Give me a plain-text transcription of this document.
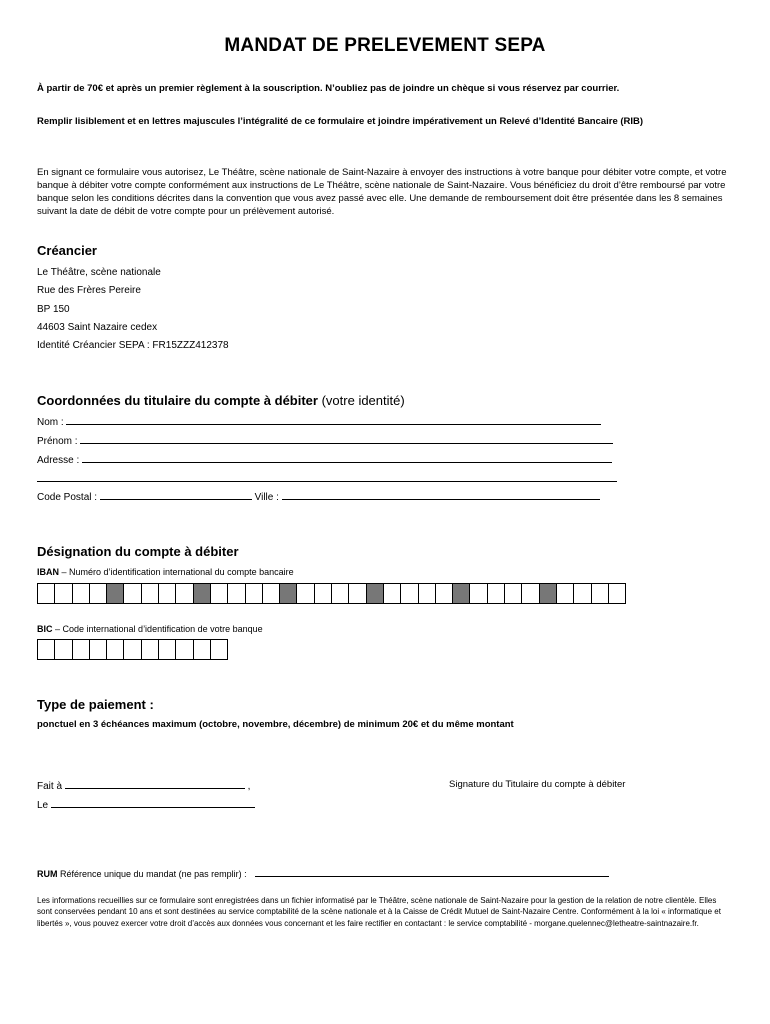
MANDAT DE PRELEVEMENT SEPA
À partir de 70€ et après un premier règlement à la souscription. N’oubliez pas de joindre un chèque si vous réservez par courrier.
Remplir lisiblement et en lettres majuscules l’intégralité de ce formulaire et joindre impérativement un Relevé d’Identité Bancaire (RIB)
En signant ce formulaire vous autorisez, Le Théâtre, scène nationale de Saint-Nazaire à envoyer des instructions à votre banque pour débiter votre compte, et votre banque à débiter votre compte conformément aux instructions de Le Théâtre, scène nationale de Saint-Nazaire. Vous bénéficiez du droit d’être remboursé par votre banque selon les conditions décrites dans la convention que vous avez passé avec elle. Une demande de remboursement doit être présentée dans les 8 semaines suivant la date de débit de votre compte pour un prélèvement autorisé.
Créancier
Le Théâtre, scène nationale
Rue des Frères Pereire
BP 150
44603 Saint Nazaire cedex
Identité Créancier SEPA : FR15ZZZ412378
Coordonnées du titulaire du compte à débiter (votre identité)
Nom :
Prénom :
Adresse :
Code Postal :	Ville :
Désignation du compte à débiter
IBAN – Numéro d’identification international du compte bancaire
BIC – Code international d’identification de votre banque
Type de paiement :
ponctuel en 3 échéances maximum (octobre, novembre, décembre) de minimum 20€ et du même montant
Fait à	,
Le
Signature du Titulaire du compte à débiter
RUM Référence unique du mandat (ne pas remplir) :
Les informations recueillies sur ce formulaire sont enregistrées dans un fichier informatisé par le Théâtre, scène nationale de Saint-Nazaire pour la gestion de la relation de notre clientèle. Elles sont conservées pendant 10 ans et sont destinées au service comptabilité de la scène nationale et à la Caisse de Crédit Mutuel de Saint-Nazaire Centre. Conformément à la loi « informatique et libertés », vous pouvez exercer votre droit d’accès aux données vous concernant et les faire rectifier en contactant : le service comptabilité - morgane.quelennec@letheatre-saintnazaire.fr.
